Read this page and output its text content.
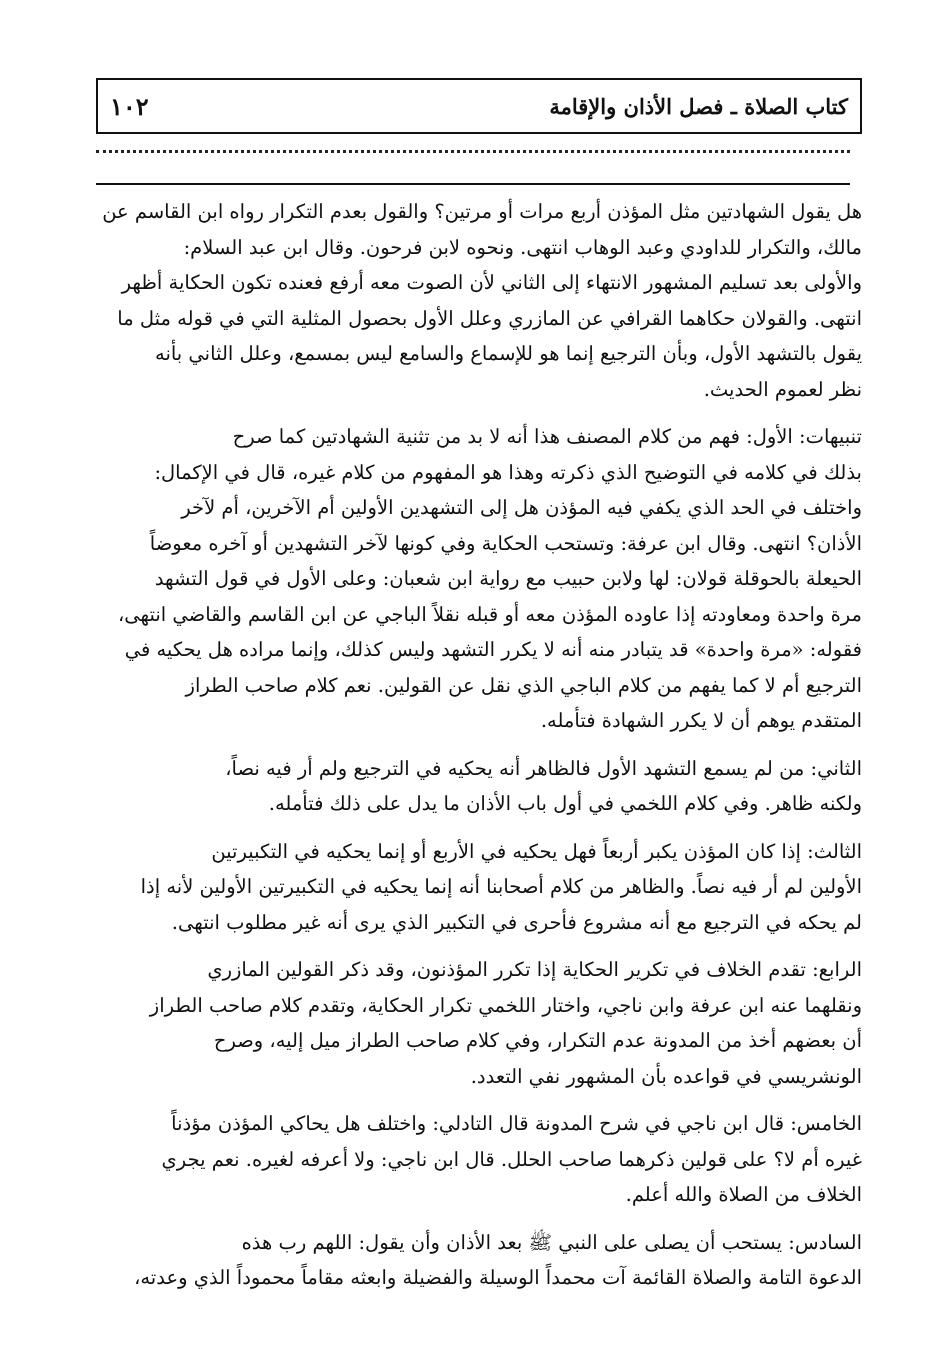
كتاب الصلاة ـ فصل الأذان والإقامة
١٠٢

هل يقول الشهادتين مثل المؤذن أربع مرات أو مرتين؟ والقول بعدم التكرار رواه ابن القاسم عن
مالك، والتكرار للداودي وعبد الوهاب انتهى. ونحوه لابن فرحون. وقال ابن عبد السلام:
والأولى بعد تسليم المشهور الانتهاء إلى الثاني لأن الصوت معه أرفع فعنده تكون الحكاية أظهر
انتهى. والقولان حكاهما القرافي عن المازري وعلل الأول بحصول المثلية التي في قوله مثل ما
يقول بالتشهد الأول، وبأن الترجيع إنما هو للإسماع والسامع ليس بمسمع، وعلل الثاني بأنه
نظر لعموم الحديث.

تنبيهات: الأول: فهم من كلام المصنف هذا أنه لا بد من تثنية الشهادتين كما صرح
بذلك في كلامه في التوضيح الذي ذكرته وهذا هو المفهوم من كلام غيره، قال في الإكمال:
واختلف في الحد الذي يكفي فيه المؤذن هل إلى التشهدين الأولين أم الآخرين، أم لآخر
الأذان؟ انتهى. وقال ابن عرفة: وتستحب الحكاية وفي كونها لآخر التشهدين أو آخره معوضاً
الحيعلة بالحوقلة قولان: لها ولابن حبيب مع رواية ابن شعبان: وعلى الأول في قول التشهد
مرة واحدة ومعاودته إذا عاوده المؤذن معه أو قبله نقلاً الباجي عن ابن القاسم والقاضي انتهى،
فقوله: «مرة واحدة» قد يتبادر منه أنه لا يكرر التشهد وليس كذلك، وإنما مراده هل يحكيه في
الترجيع أم لا كما يفهم من كلام الباجي الذي نقل عن القولين. نعم كلام صاحب الطراز
المتقدم يوهم أن لا يكرر الشهادة فتأمله.

الثاني: من لم يسمع التشهد الأول فالظاهر أنه يحكيه في الترجيع ولم أر فيه نصاً،
ولكنه ظاهر. وفي كلام اللخمي في أول باب الأذان ما يدل على ذلك فتأمله.

الثالث: إذا كان المؤذن يكبر أربعاً فهل يحكيه في الأربع أو إنما يحكيه في التكبيرتين
الأولين لم أر فيه نصاً. والظاهر من كلام أصحابنا أنه إنما يحكيه في التكبيرتين الأولين لأنه إذا
لم يحكه في الترجيع مع أنه مشروع فأحرى في التكبير الذي يرى أنه غير مطلوب انتهى.

الرابع: تقدم الخلاف في تكرير الحكاية إذا تكرر المؤذنون، وقد ذكر القولين المازري
ونقلهما عنه ابن عرفة وابن ناجي، واختار اللخمي تكرار الحكاية، وتقدم كلام صاحب الطراز
أن بعضهم أخذ من المدونة عدم التكرار، وفي كلام صاحب الطراز ميل إليه، وصرح
الونشريسي في قواعده بأن المشهور نفي التعدد.

الخامس: قال ابن ناجي في شرح المدونة قال التادلي: واختلف هل يحاكي المؤذن مؤذناً
غيره أم لا؟ على قولين ذكرهما صاحب الحلل. قال ابن ناجي: ولا أعرفه لغيره. نعم يجري
الخلاف من الصلاة والله أعلم.

السادس: يستحب أن يصلى على النبي ﷺ بعد الأذان وأن يقول: اللهم رب هذه
الدعوة التامة والصلاة القائمة آت محمداً الوسيلة والفضيلة وابعثه مقاماً محموداً الذي وعدته،
